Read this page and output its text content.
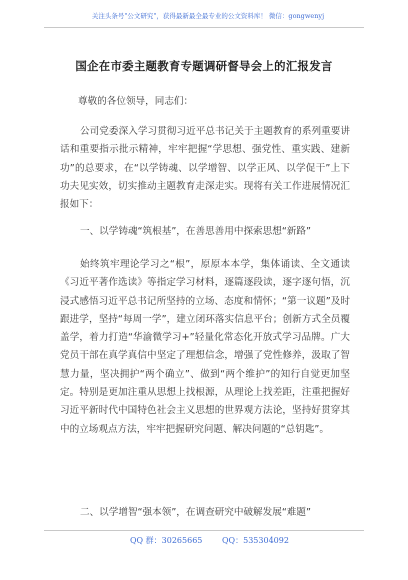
关注头条号"公文研究"，获得最新最全最专业的公文资料库！ 微信：gongwenyj
国企在市委主题教育专题调研督导会上的汇报发言
尊敬的各位领导，同志们：

公司党委深入学习贯彻习近平总书记关于主题教育的系列重要讲话和重要指示批示精神，牢牢把握“学思想、强党性、重实践、建新功”的总要求，在“以学铸魂、以学增智、以学正风、以学促干”上下功夫见实效，切实推动主题教育走深走实。现将有关工作进展情况汇报如下：

一、以学铸魂“筑根基”，在善思善用中探索思想“新路”

始终筑牢理论学习之“根”，原原本本学，集体诵读、全文通读《习近平著作选读》等指定学习材料，逐篇逐段读，逐字逐句悟，沉浸式感悟习近平总书记所坚持的立场、态度和情怀；“第一议题”及时跟进学，坚持“每周一学”，建立闭环落实信息平台；创新方式全员覆盖学，着力打造“华渝微学习+”轻量化常态化开放式学习品牌。广大党员干部在真学真信中坚定了理想信念，增强了党性修养，汲取了智慧力量，坚决拥护“两个确立”、做到“两个维护”的知行自觉更加坚定。特别是更加注重从思想上找根源，从理论上找差距，注重把握好习近平新时代中国特色社会主义思想的世界观方法论，坚持好贯穿其中的立场观点方法，牢牢把握研究问题、解决问题的“总钥匙”。

二、以学增智“强本领”，在调查研究中破解发展“难题”
QQ 群：30265665 QQ：535304092
